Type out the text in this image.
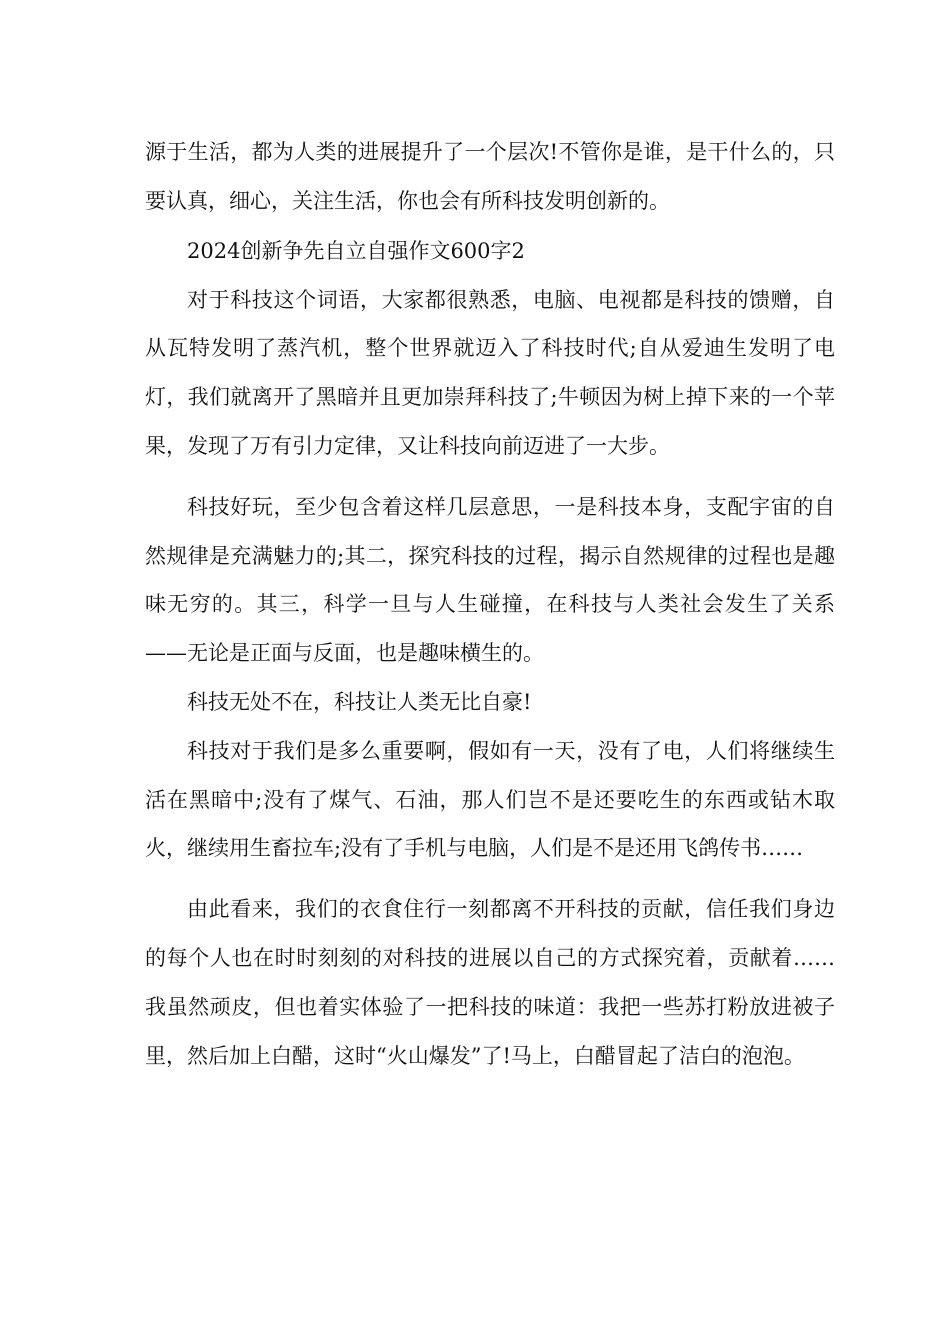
源于生活，都为人类的进展提升了一个层次!不管你是谁，是干什么的，只要认真，细心，关注生活，你也会有所科技发明创新的。

2024创新争先自立自强作文600字2

对于科技这个词语，大家都很熟悉，电脑、电视都是科技的馈赠，自从瓦特发明了蒸汽机，整个世界就迈入了科技时代;自从爱迪生发明了电灯，我们就离开了黑暗并且更加崇拜科技了;牛顿因为树上掉下来的一个苹果，发现了万有引力定律，又让科技向前迈进了一大步。

科技好玩，至少包含着这样几层意思，一是科技本身，支配宇宙的自然规律是充满魅力的;其二，探究科技的过程，揭示自然规律的过程也是趣味无穷的。其三，科学一旦与人生碰撞，在科技与人类社会发生了关系——无论是正面与反面，也是趣味横生的。

科技无处不在，科技让人类无比自豪!

科技对于我们是多么重要啊，假如有一天，没有了电，人们将继续生活在黑暗中;没有了煤气、石油，那人们岂不是还要吃生的东西或钻木取火，继续用生畜拉车;没有了手机与电脑，人们是不是还用飞鸽传书……

由此看来，我们的衣食住行一刻都离不开科技的贡献，信任我们身边的每个人也在时时刻刻的对科技的进展以自己的方式探究着，贡献着……我虽然顽皮，但也着实体验了一把科技的味道：我把一些苏打粉放进被子里，然后加上白醋，这时“火山爆发”了!马上，白醋冒起了洁白的泡泡。
